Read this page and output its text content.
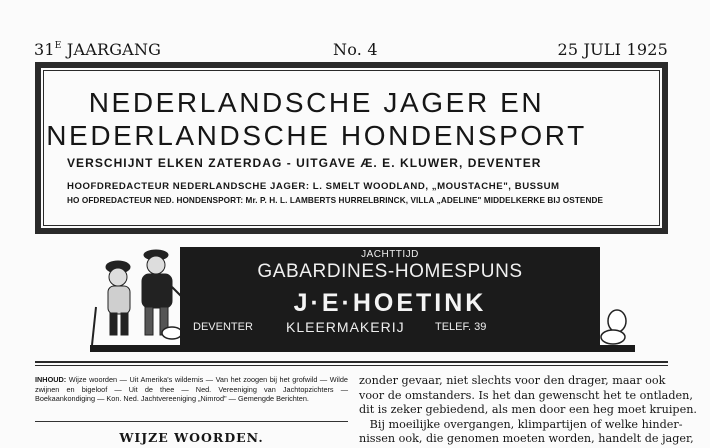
$31^E$ JAARGANG	No. 4	25 JULI 1925
NEDERLANDSCHE JAGER EN
NEDERLANDSCHE HONDENSPORT
VERSCHIJNT ELKEN ZATERDAG - UITGAVE Æ. E. KLUWER, DEVENTER
HOOFDREDACTEUR NEDERLANDSCHE JAGER: L. SMELT WOODLAND, „MOUSTACHE", BUSSUM
HO OFDREDACTEUR NED. HONDENSPORT: Mr. P. H. L. LAMBERTS HURRELBRINCK, VILLA „ADELINE" MIDDELKERKE BIJ OSTENDE
JACHTTIJD
GABARDINES-HOMESPUNS
J·E·HOETINK
DEVENTER KLEERMAKERIJ	TELEF. 39
INHOUD: Wijze woorden — Uit Amerika's wildernis — Van het zoogen bij het grofwild — Wilde zwijnen en bigeloof — Uit de thee — Ned. Vereeniging van Jachtopzichters — Boekaankondiging — Kon. Ned. Jachtvereeniging „Nimrod" — Gemengde Berichten.
WIJZE WOORDEN.
zonder gevaar, niet slechts voor den drager, maar ook
voor de omstanders. Is het dan gewenscht het te ontladen,
dit is zeker gebiedend, als men door een heg moet kruipen.
Bij moeilijke overgangen, klimpartijen of welke hinder-
nissen ook, die genomen moeten worden, handelt de jager,
